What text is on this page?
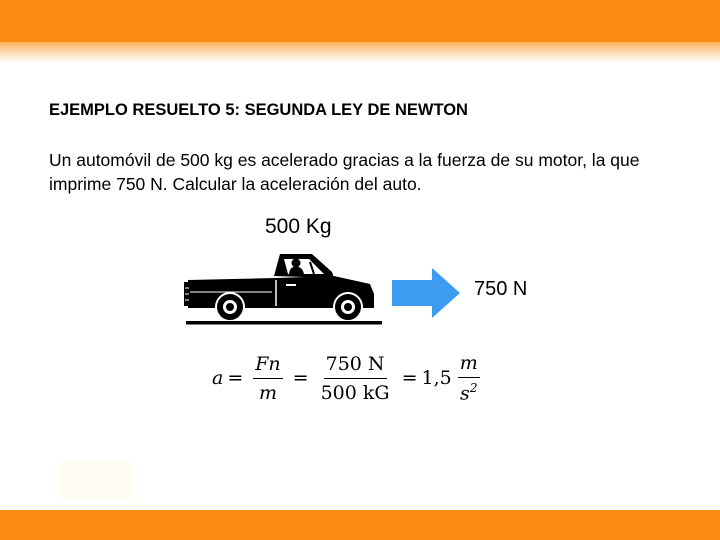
EJEMPLO RESUELTO 5: SEGUNDA LEY DE NEWTON
Un automóvil de 500 kg es acelerado gracias a la fuerza de su motor, la que imprime 750 N. Calcular la aceleración del auto.
500 Kg
750 N
$a = \frac{Fn}{m} = \frac{750 N}{500 kG} = 1,5 \frac{m}{s^2}$
